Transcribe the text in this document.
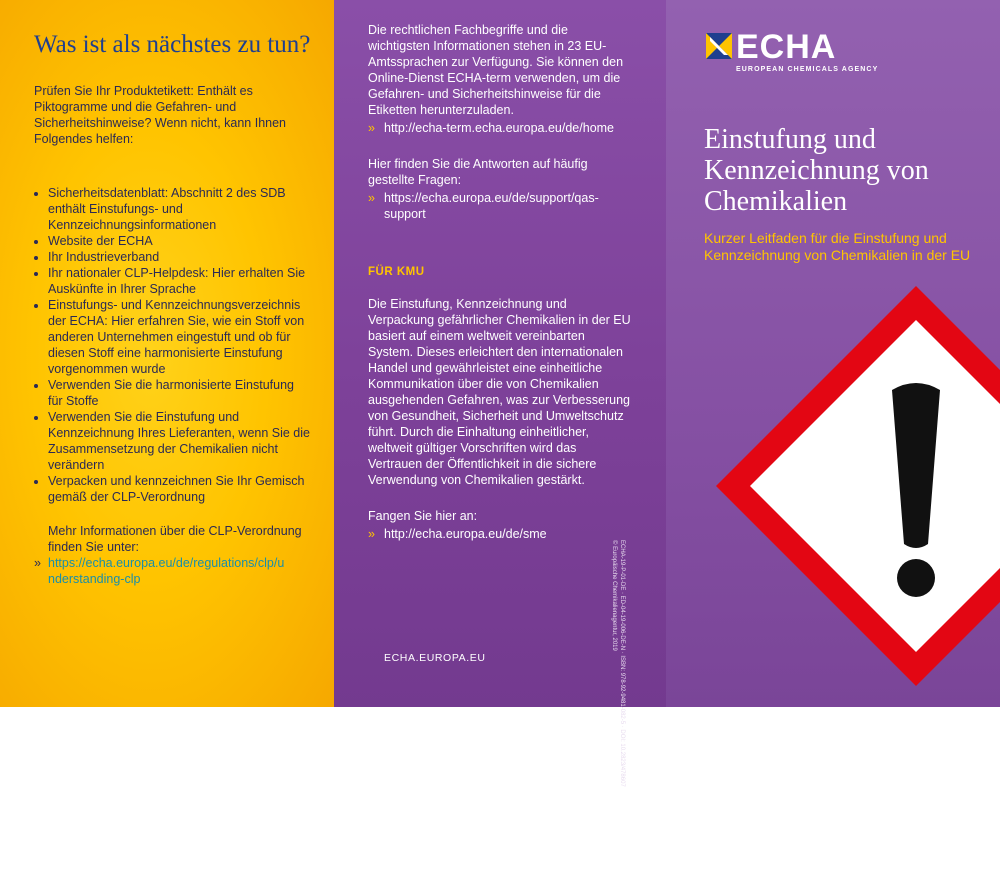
Was ist als nächstes zu tun?

Prüfen Sie Ihr Produktetikett: Enthält es Piktogramme und die Gefahren- und Sicherheitshinweise? Wenn nicht, kann Ihnen Folgendes helfen:

• Sicherheitsdatenblatt: Abschnitt 2 des SDB enthält Einstufungs- und Kennzeichnungsinformationen
• Website der ECHA
• Ihr Industrieverband
• Ihr nationaler CLP-Helpdesk: Hier erhalten Sie Auskünfte in Ihrer Sprache
• Einstufungs- und Kennzeichnungsverzeichnis der ECHA: Hier erfahren Sie, wie ein Stoff von anderen Unternehmen eingestuft und ob für diesen Stoff eine harmonisierte Einstufung vorgenommen wurde
• Verwenden Sie die harmonisierte Einstufung für Stoffe
• Verwenden Sie die Einstufung und Kennzeichnung Ihres Lieferanten, wenn Sie die Zusammensetzung der Chemikalien nicht verändern
• Verpacken und kennzeichnen Sie Ihr Gemisch gemäß der CLP-Verordnung

Mehr Informationen über die CLP-Verordnung finden Sie unter:

» https://echa.europa.eu/de/regulations/clp/understanding-clp

Die rechtlichen Fachbegriffe und die wichtigsten Informationen stehen in 23 EU-Amtssprachen zur Verfügung. Sie können den Online-Dienst ECHA-term verwenden, um die Gefahren- und Sicherheitshinweise für die Etiketten herunterzuladen.

» http://echa-term.echa.europa.eu/de/home

Hier finden Sie die Antworten auf häufig gestellte Fragen:

» https://echa.europa.eu/de/support/qas-support
FÜR KMU

Die Einstufung, Kennzeichnung und Verpackung gefährlicher Chemikalien in der EU basiert auf einem weltweit vereinbarten System. Dieses erleichtert den internationalen Handel und gewährleistet eine einheitliche Kommunikation über die von Chemikalien ausgehenden Gefahren, was zur Verbesserung von Gesundheit, Sicherheit und Umweltschutz führt. Durch die Einhaltung einheitlicher, weltweit gültiger Vorschriften wird das Vertrauen der Öffentlichkeit in die sichere Verwendung von Chemikalien gestärkt.

Fangen Sie hier an:

» http://echa.europa.eu/de/sme
ECHA.EUROPA.EU	ECHA-19-P-01-DE · ED-04-19-006-DE-N · ISBN: 978-92-9481-082-5 · DOI: 10.2823/478607
© Europäische Chemikalienagentur, 2019
ECHA
EUROPEAN CHEMICALS AGENCY
Einstufung und Kennzeichnung von Chemikalien
Kurzer Leitfaden für die Einstufung und Kennzeichnung von Chemikalien in der EU
